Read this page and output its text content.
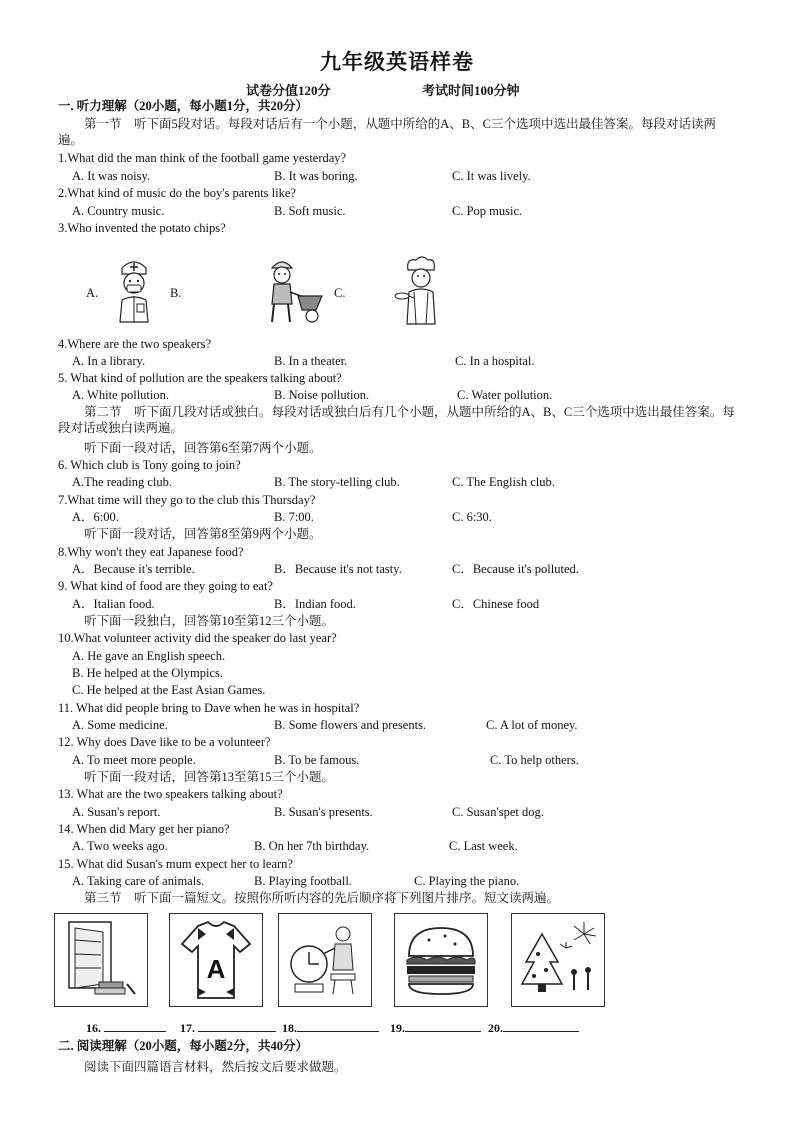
九年级英语样卷
试卷分值120分	考试时间100分钟
一. 听力理解（20小题，每小题1分，共20分）
第一节　听下面5段对话。每段对话后有一个小题，从题中所给的A、B、C三个选项中选出最佳答案。每段对话读两遍。
1.What did the man think of the football game yesterday?
A. It was noisy.	B. It was boring.	C. It was lively.
2.What kind of music do the boy's parents like?
A. Country music.	B. Soft music.	C. Pop music.
3.Who invented the potato chips?
A.	B.	C.
4.Where are the two speakers?
A. In a library.	B. In a theater.	C. In a hospital.
5. What kind of pollution are the speakers talking about?
A. White pollution.	B. Noise pollution.	C. Water pollution.
第二节　听下面几段对话或独白。每段对话或独白后有几个小题，从题中所给的A、B、C三个选项中选出最佳答案。每段对话或独白读两遍。
听下面一段对话，回答第6至第7两个小题。
6. Which club is Tony going to join?
A.The reading club.	B. The story-telling club.	C. The English club.
7.What time will they go to the club this Thursday?
A．6:00.	B. 7:00.	C. 6:30.
听下面一段对话，回答第8至第9两个小题。
8.Why won't they eat Japanese food?
A．Because it's terrible.	B．Because it's not tasty.	C．Because it's polluted.
9. What kind of food are they going to eat?
A．Italian food.	B．Indian food.	C．Chinese food
听下面一段独白，回答第10至第12三个小题。
10.What volunteer activity did the speaker do last year?
A. He gave an English speech.
B. He helped at the Olympics.
C. He helped at the East Asian Games.
11. What did people bring to Dave when he was in hospital?
A. Some medicine.	B. Some flowers and presents.	C. A lot of money.
12. Why does Dave like to be a volunteer?
A. To meet more people.	B. To be famous.	C. To help others.
听下面一段对话，回答第13至第15三个小题。
13. What are the two speakers talking about?
A. Susan's report.	B. Susan's presents.	C. Susan'spet dog.
14. When did Mary get her piano?
A. Two weeks ago.	B. On her 7th birthday.	C. Last week.
15. What did Susan's mum expect her to learn?
A. Taking care of animals.	B. Playing football.	C. Playing the piano.
第三节　听下面一篇短文。按照你所听内容的先后顺序将下列图片排序。短文读两遍。
A
16.	17.	18.	19.	20.
二. 阅读理解（20小题，每小题2分，共40分）
阅读下面四篇语言材料，然后按文后要求做题。
